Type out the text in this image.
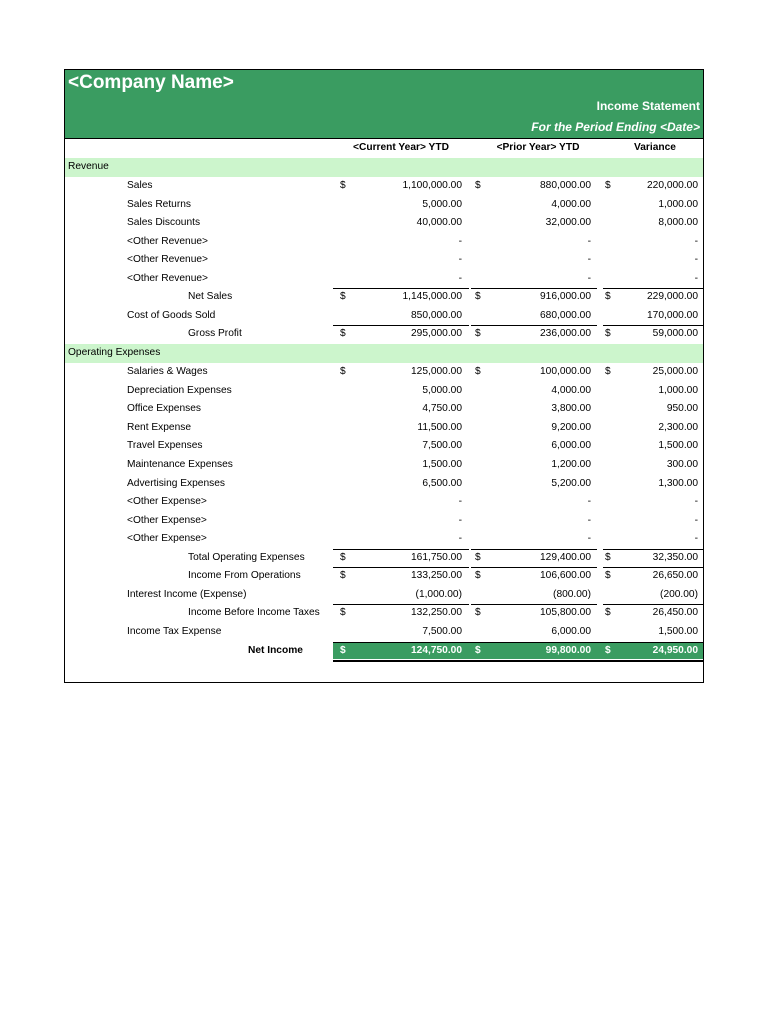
<Company Name>
Income Statement
For the Period Ending <Date>
<Current Year> YTD	<Prior Year> YTD	Variance
Revenue
Sales	$	1,100,000.00 $	880,000.00 $	220,000.00
Sales Returns	5,000.00	4,000.00	1,000.00
Sales Discounts	40,000.00	32,000.00	8,000.00
<Other Revenue>	-	-	-
<Other Revenue>	-	-	-
<Other Revenue>	-	-	-
Net Sales	$	1,145,000.00 $	916,000.00 $	229,000.00
Cost of Goods Sold	850,000.00	680,000.00	170,000.00
Gross Profit	$	295,000.00 $	236,000.00 $	59,000.00
Operating Expenses
Salaries & Wages	$	125,000.00 $	100,000.00 $	25,000.00
Depreciation Expenses	5,000.00	4,000.00	1,000.00
Office Expenses	4,750.00	3,800.00	950.00
Rent Expense	11,500.00	9,200.00	2,300.00
Travel Expenses	7,500.00	6,000.00	1,500.00
Maintenance Expenses	1,500.00	1,200.00	300.00
Advertising Expenses	6,500.00	5,200.00	1,300.00
<Other Expense>	-	-	-
<Other Expense>	-	-	-
<Other Expense>	-	-	-
Total Operating Expenses	$	161,750.00 $	129,400.00 $	32,350.00
Income From Operations	$	133,250.00 $	106,600.00 $	26,650.00
Interest Income (Expense)	(1,000.00)	(800.00)	(200.00)
Income Before Income Taxes $	132,250.00 $	105,800.00 $	26,450.00
Income Tax Expense	7,500.00	6,000.00	1,500.00
Net Income	$	124,750.00 $	99,800.00 $	24,950.00
